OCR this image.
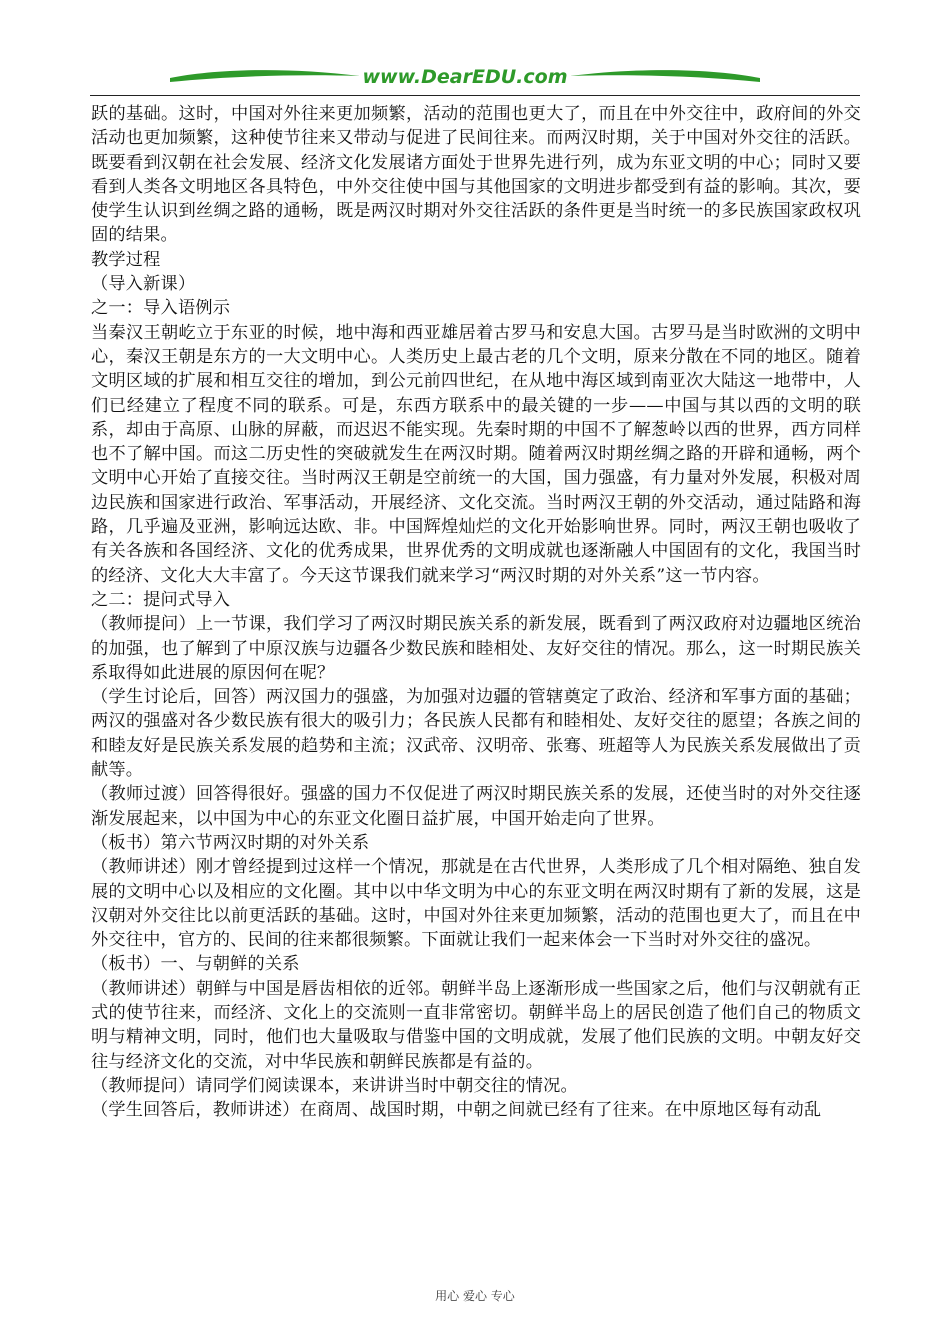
www.DearEDU.com

跃的基础。这时，中国对外往来更加频繁，活动的范围也更大了，而且在中外交往中，政府间的外交活动也更加频繁，这种使节往来又带动与促进了民间往来。而两汉时期，关于中国对外交往的活跃。既要看到汉朝在社会发展、经济文化发展诸方面处于世界先进行列，成为东亚文明的中心；同时又要看到人类各文明地区各具特色，中外交往使中国与其他国家的文明进步都受到有益的影响。其次，要使学生认识到丝绸之路的通畅，既是两汉时期对外交往活跃的条件更是当时统一的多民族国家政权巩固的结果。

教学过程

（导入新课）

之一：导入语例示

当秦汉王朝屹立于东亚的时候，地中海和西亚雄居着古罗马和安息大国。古罗马是当时欧洲的文明中心，秦汉王朝是东方的一大文明中心。人类历史上最古老的几个文明，原来分散在不同的地区。随着文明区域的扩展和相互交往的增加，到公元前四世纪，在从地中海区域到南亚次大陆这一地带中，人们已经建立了程度不同的联系。可是，东西方联系中的最关键的一步——中国与其以西的文明的联系，却由于高原、山脉的屏蔽，而迟迟不能实现。先秦时期的中国不了解葱岭以西的世界，西方同样也不了解中国。而这二历史性的突破就发生在两汉时期。随着两汉时期丝绸之路的开辟和通畅，两个文明中心开始了直接交往。当时两汉王朝是空前统一的大国，国力强盛，有力量对外发展，积极对周边民族和国家进行政治、军事活动，开展经济、文化交流。当时两汉王朝的外交活动，通过陆路和海路，几乎遍及亚洲，影响远达欧、非。中国辉煌灿烂的文化开始影响世界。同时，两汉王朝也吸收了有关各族和各国经济、文化的优秀成果，世界优秀的文明成就也逐渐融人中国固有的文化，我国当时的经济、文化大大丰富了。今天这节课我们就来学习“两汉时期的对外关系”这一节内容。

之二：提问式导入

（教师提问）上一节课，我们学习了两汉时期民族关系的新发展，既看到了两汉政府对边疆地区统治的加强，也了解到了中原汉族与边疆各少数民族和睦相处、友好交往的情况。那么，这一时期民族关系取得如此进展的原因何在呢？

（学生讨论后，回答）两汉国力的强盛，为加强对边疆的管辖奠定了政治、经济和军事方面的基础；两汉的强盛对各少数民族有很大的吸引力；各民族人民都有和睦相处、友好交往的愿望；各族之间的和睦友好是民族关系发展的趋势和主流；汉武帝、汉明帝、张骞、班超等人为民族关系发展做出了贡献等。

（教师过渡）回答得很好。强盛的国力不仅促进了两汉时期民族关系的发展，还使当时的对外交往逐渐发展起来，以中国为中心的东亚文化圈日益扩展，中国开始走向了世界。

（板书）第六节两汉时期的对外关系

（教师讲述）刚才曾经提到过这样一个情况，那就是在古代世界，人类形成了几个相对隔绝、独自发展的文明中心以及相应的文化圈。其中以中华文明为中心的东亚文明在两汉时期有了新的发展，这是汉朝对外交往比以前更活跃的基础。这时，中国对外往来更加频繁，活动的范围也更大了，而且在中外交往中，官方的、民间的往来都很频繁。下面就让我们一起来体会一下当时对外交往的盛况。

（板书）一、与朝鲜的关系

（教师讲述）朝鲜与中国是唇齿相依的近邻。朝鲜半岛上逐渐形成一些国家之后，他们与汉朝就有正式的使节往来，而经济、文化上的交流则一直非常密切。朝鲜半岛上的居民创造了他们自己的物质文明与精神文明，同时，他们也大量吸取与借鉴中国的文明成就，发展了他们民族的文明。中朝友好交往与经济文化的交流，对中华民族和朝鲜民族都是有益的。

（教师提问）请同学们阅读课本，来讲讲当时中朝交往的情况。

（学生回答后，教师讲述）在商周、战国时期，中朝之间就已经有了往来。在中原地区每有动乱

用心 爱心 专心
